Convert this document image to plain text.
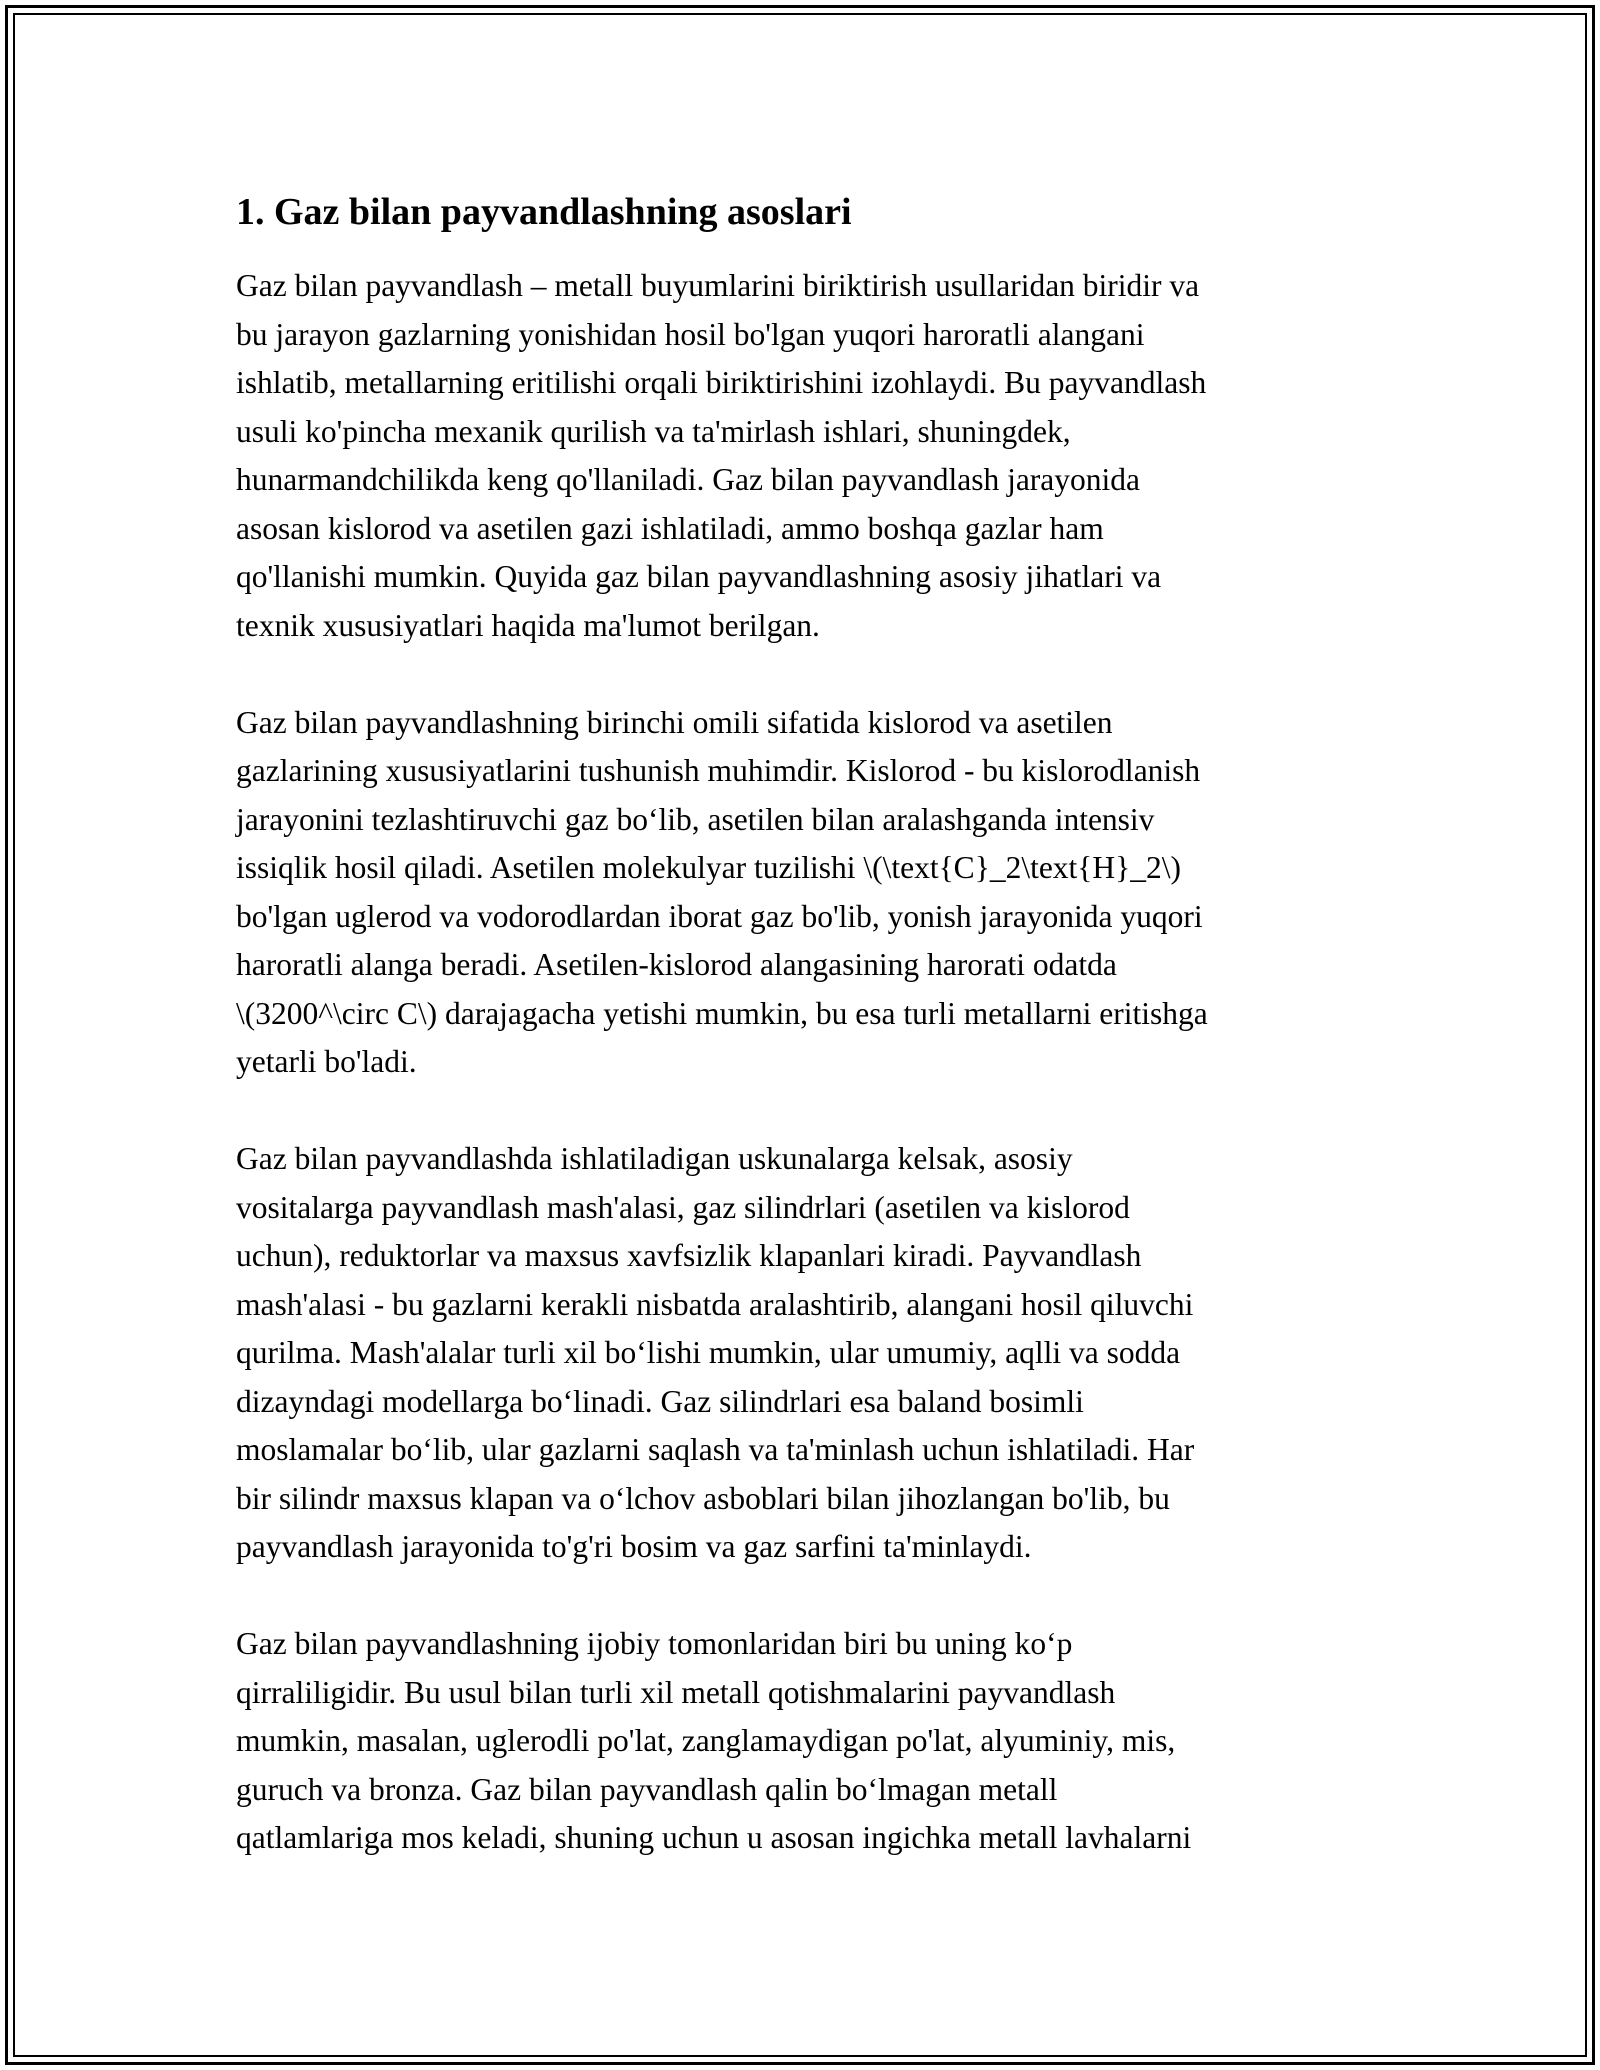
1. Gaz bilan payvandlashning asoslari

Gaz bilan payvandlash – metall buyumlarini biriktirish usullaridan biridir va
bu jarayon gazlarning yonishidan hosil bo'lgan yuqori haroratli alangani
ishlatib, metallarning eritilishi orqali biriktirishini izohlaydi. Bu payvandlash
usuli ko'pincha mexanik qurilish va ta'mirlash ishlari, shuningdek,
hunarmandchilikda keng qo'llaniladi. Gaz bilan payvandlash jarayonida
asosan kislorod va asetilen gazi ishlatiladi, ammo boshqa gazlar ham
qo'llanishi mumkin. Quyida gaz bilan payvandlashning asosiy jihatlari va
texnik xususiyatlari haqida ma'lumot berilgan.

Gaz bilan payvandlashning birinchi omili sifatida kislorod va asetilen
gazlarining xususiyatlarini tushunish muhimdir. Kislorod - bu kislorodlanish
jarayonini tezlashtiruvchi gaz bo‘lib, asetilen bilan aralashganda intensiv
issiqlik hosil qiladi. Asetilen molekulyar tuzilishi \(\text{C}_2\text{H}_2\)
bo'lgan uglerod va vodorodlardan iborat gaz bo'lib, yonish jarayonida yuqori
haroratli alanga beradi. Asetilen-kislorod alangasining harorati odatda
\(3200^\circ C\) darajagacha yetishi mumkin, bu esa turli metallarni eritishga
yetarli bo'ladi.

Gaz bilan payvandlashda ishlatiladigan uskunalarga kelsak, asosiy
vositalarga payvandlash mash'alasi, gaz silindrlari (asetilen va kislorod
uchun), reduktorlar va maxsus xavfsizlik klapanlari kiradi. Payvandlash
mash'alasi - bu gazlarni kerakli nisbatda aralashtirib, alangani hosil qiluvchi
qurilma. Mash'alalar turli xil bo‘lishi mumkin, ular umumiy, aqlli va sodda
dizayndagi modellarga bo‘linadi. Gaz silindrlari esa baland bosimli
moslamalar bo‘lib, ular gazlarni saqlash va ta'minlash uchun ishlatiladi. Har
bir silindr maxsus klapan va o‘lchov asboblari bilan jihozlangan bo'lib, bu
payvandlash jarayonida to'g'ri bosim va gaz sarfini ta'minlaydi.

Gaz bilan payvandlashning ijobiy tomonlaridan biri bu uning ko‘p
qirraliligidir. Bu usul bilan turli xil metall qotishmalarini payvandlash
mumkin, masalan, uglerodli po'lat, zanglamaydigan po'lat, alyuminiy, mis,
guruch va bronza. Gaz bilan payvandlash qalin bo‘lmagan metall
qatlamlariga mos keladi, shuning uchun u asosan ingichka metall lavhalarni
